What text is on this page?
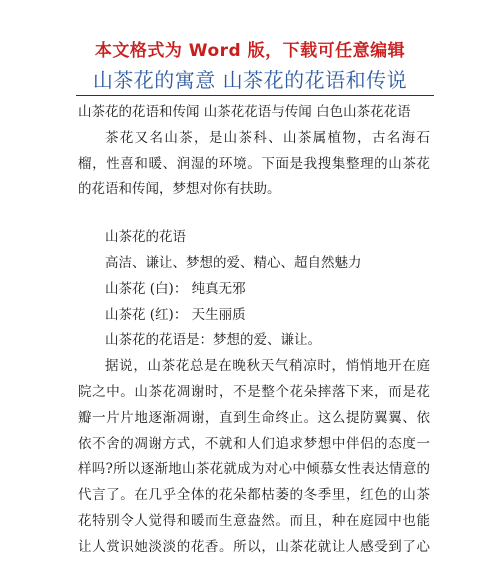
本文格式为 Word 版，下载可任意编辑
山茶花的寓意 山茶花的花语和传说

山茶花的花语和传闻 山茶花花语与传闻 白色山茶花花语

茶花又名山茶，是山茶科、山茶属植物，古名海石
榴，性喜和暖、润湿的环境。下面是我搜集整理的山茶花

的花语和传闻，梦想对你有扶助。

山茶花的花语

高洁、谦让、梦想的爱、精心、超自然魅力

山茶花 (白)： 纯真无邪

山茶花 (红)： 天生丽质

山茶花的花语是：梦想的爱、谦让。

据说，山茶花总是在晚秋天气稍凉时，悄悄地开在庭
院之中。山茶花凋谢时，不是整个花朵摔落下来，而是花
瓣一片片地逐渐凋谢，直到生命终止。这么提防翼翼、依
依不舍的凋谢方式，不就和人们追求梦想中伴侣的态度一
样吗?所以逐渐地山茶花就成为对心中倾慕女性表达情意的
代言了。在几乎全体的花朵都枯萎的冬季里，红色的山茶
花特别令人觉得和暖而生意盎然。而且，种在庭园中也能
让人赏识她淡淡的花香。所以，山茶花就让人感受到了心
